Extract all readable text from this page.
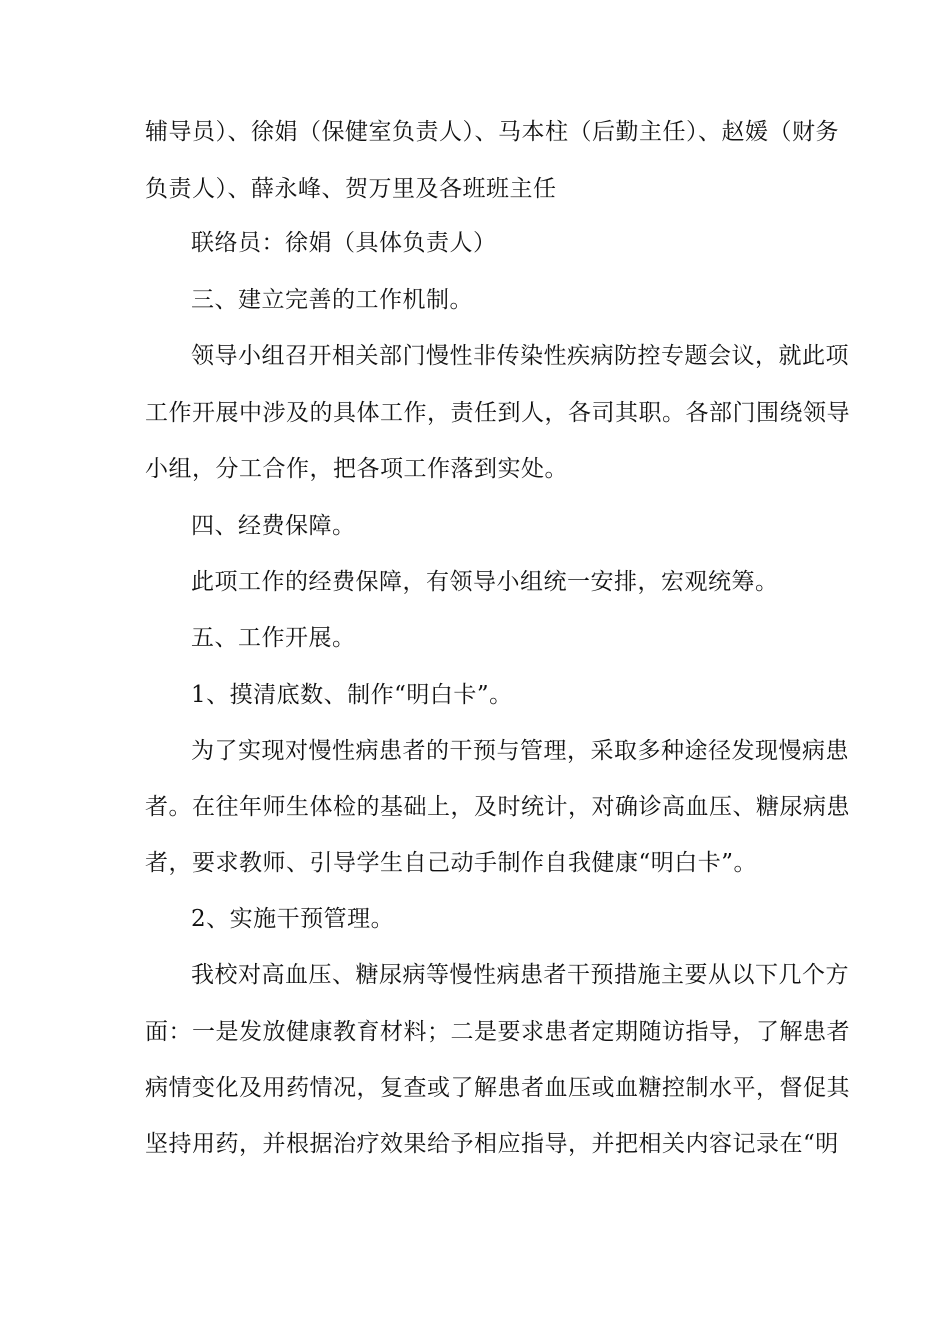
辅导员）、徐娟（保健室负责人）、马本柱（后勤主任）、赵媛（财务
负责人）、薛永峰、贺万里及各班班主任
联络员：徐娟（具体负责人）
三、建立完善的工作机制。
领导小组召开相关部门慢性非传染性疾病防控专题会议，就此项
工作开展中涉及的具体工作，责任到人，各司其职。各部门围绕领导
小组，分工合作，把各项工作落到实处。
四、经费保障。
此项工作的经费保障，有领导小组统一安排，宏观统筹。
五、工作开展。
1、摸清底数、制作“明白卡”。
为了实现对慢性病患者的干预与管理，采取多种途径发现慢病患
者。在往年师生体检的基础上，及时统计，对确诊高血压、糖尿病患
者，要求教师、引导学生自己动手制作自我健康“明白卡”。
2、实施干预管理。
我校对高血压、糖尿病等慢性病患者干预措施主要从以下几个方
面：一是发放健康教育材料；二是要求患者定期随访指导，了解患者
病情变化及用药情况，复查或了解患者血压或血糖控制水平，督促其
坚持用药，并根据治疗效果给予相应指导，并把相关内容记录在“明
